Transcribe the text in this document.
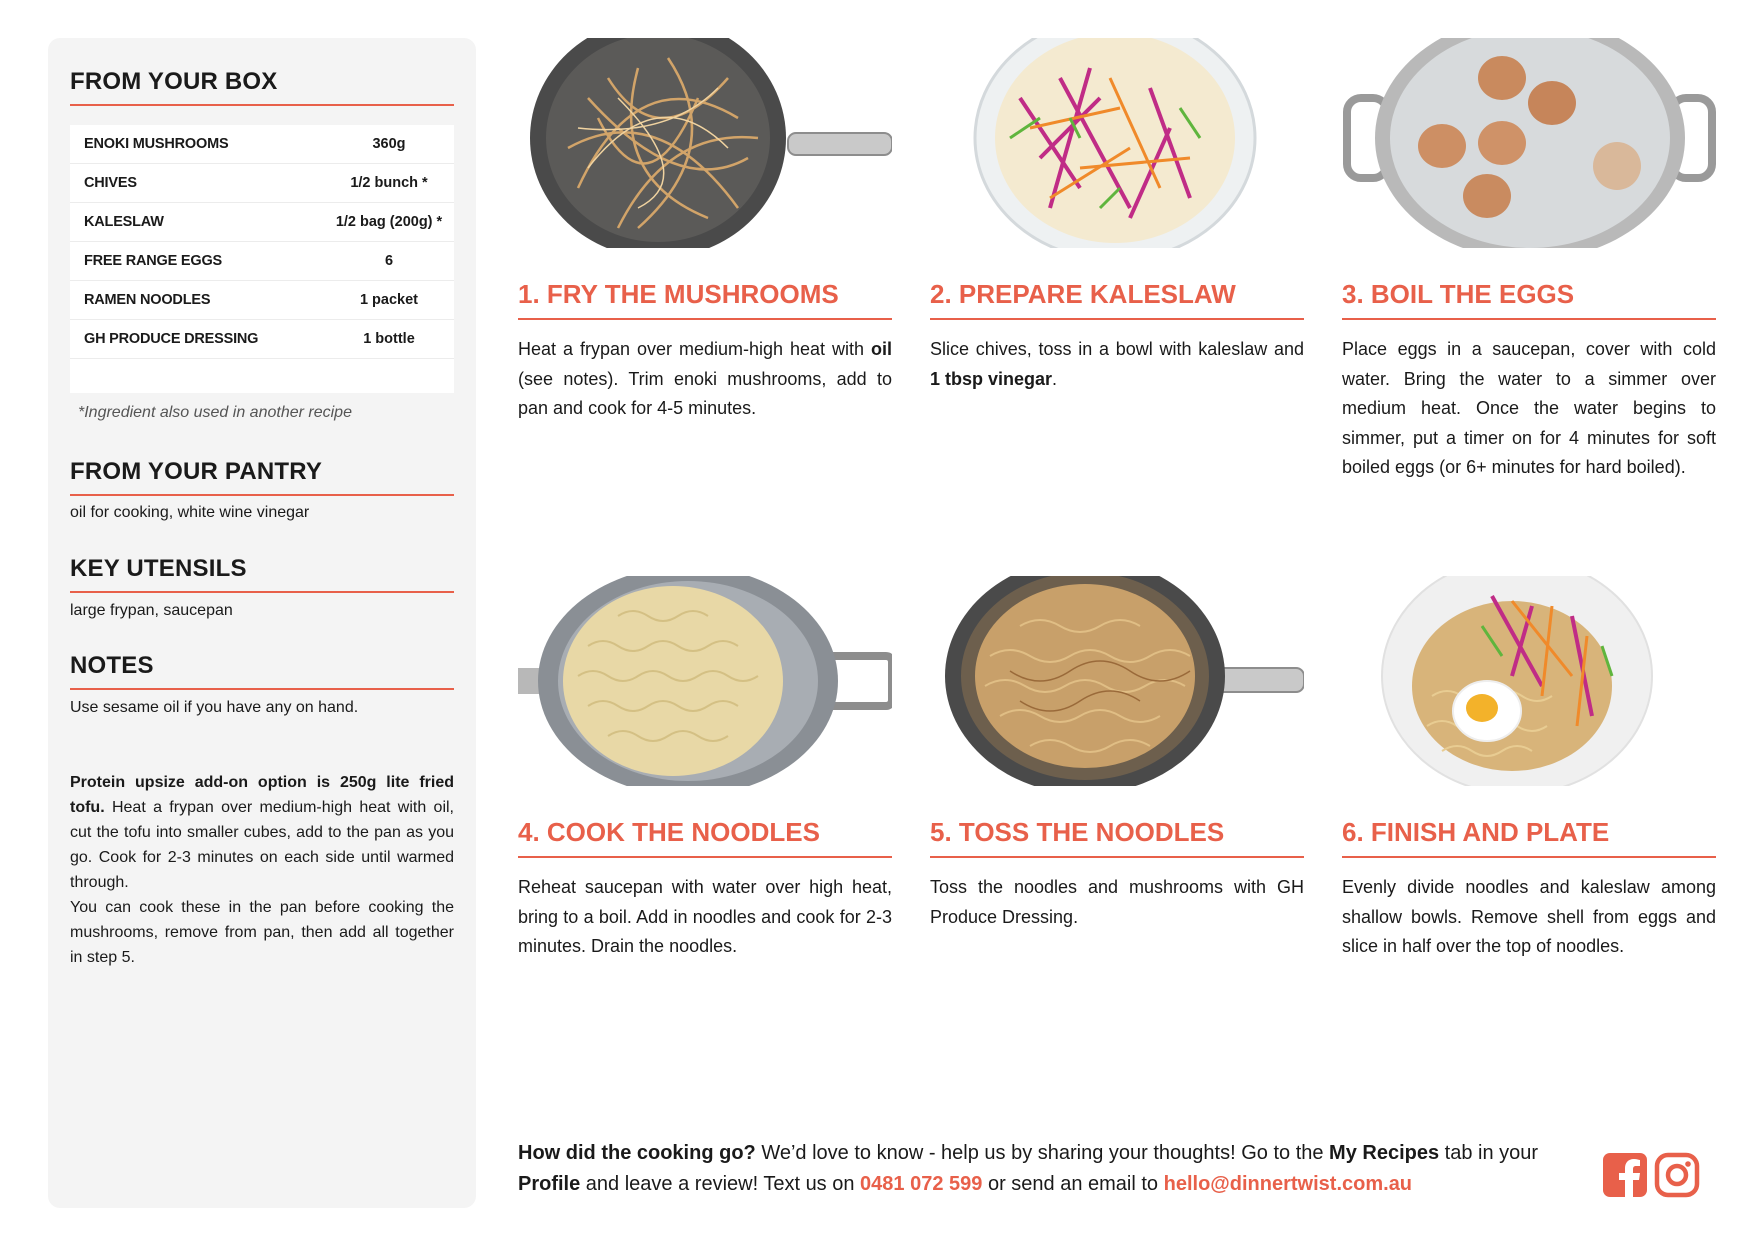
FROM YOUR BOX
ENOKI MUSHROOMS	360g
CHIVES	1/2 bunch *
KALESLAW	1/2 bag (200g) *
FREE RANGE EGGS	6
RAMEN NOODLES	1 packet
GH PRODUCE DRESSING	1 bottle
*Ingredient also used in another recipe
FROM YOUR PANTRY
oil for cooking, white wine vinegar
KEY UTENSILS
large frypan, saucepan
NOTES
Use sesame oil if you have any on hand.
Protein upsize add-on option is 250g lite fried tofu. Heat a frypan over medium-high heat with oil, cut the tofu into smaller cubes, add to the pan as you go. Cook for 2-3 minutes on each side until warmed through.
You can cook these in the pan before cooking the mushrooms, remove from pan, then add all together in step 5.
1. FRY THE MUSHROOMS

Heat a frypan over medium-high heat with oil (see notes). Trim enoki mushrooms, add to pan and cook for 4-5 minutes.

2. PREPARE KALESLAW

Slice chives, toss in a bowl with kaleslaw and 1 tbsp vinegar.

3. BOIL THE EGGS

Place eggs in a saucepan, cover with cold water. Bring the water to a simmer over medium heat. Once the water begins to simmer, put a timer on for 4 minutes for soft boiled eggs (or 6+ minutes for hard boiled).

4. COOK THE NOODLES

Reheat saucepan with water over high heat, bring to a boil. Add in noodles and cook for 2-3 minutes. Drain the noodles.

5. TOSS THE NOODLES

Toss the noodles and mushrooms with GH Produce Dressing.

6. FINISH AND PLATE

Evenly divide noodles and kaleslaw among shallow bowls. Remove shell from eggs and slice in half over the top of noodles.

How did the cooking go? We’d love to know - help us by sharing your thoughts! Go to the My Recipes tab in your Profile and leave a review! Text us on 0481 072 599 or send an email to hello@dinnertwist.com.au
